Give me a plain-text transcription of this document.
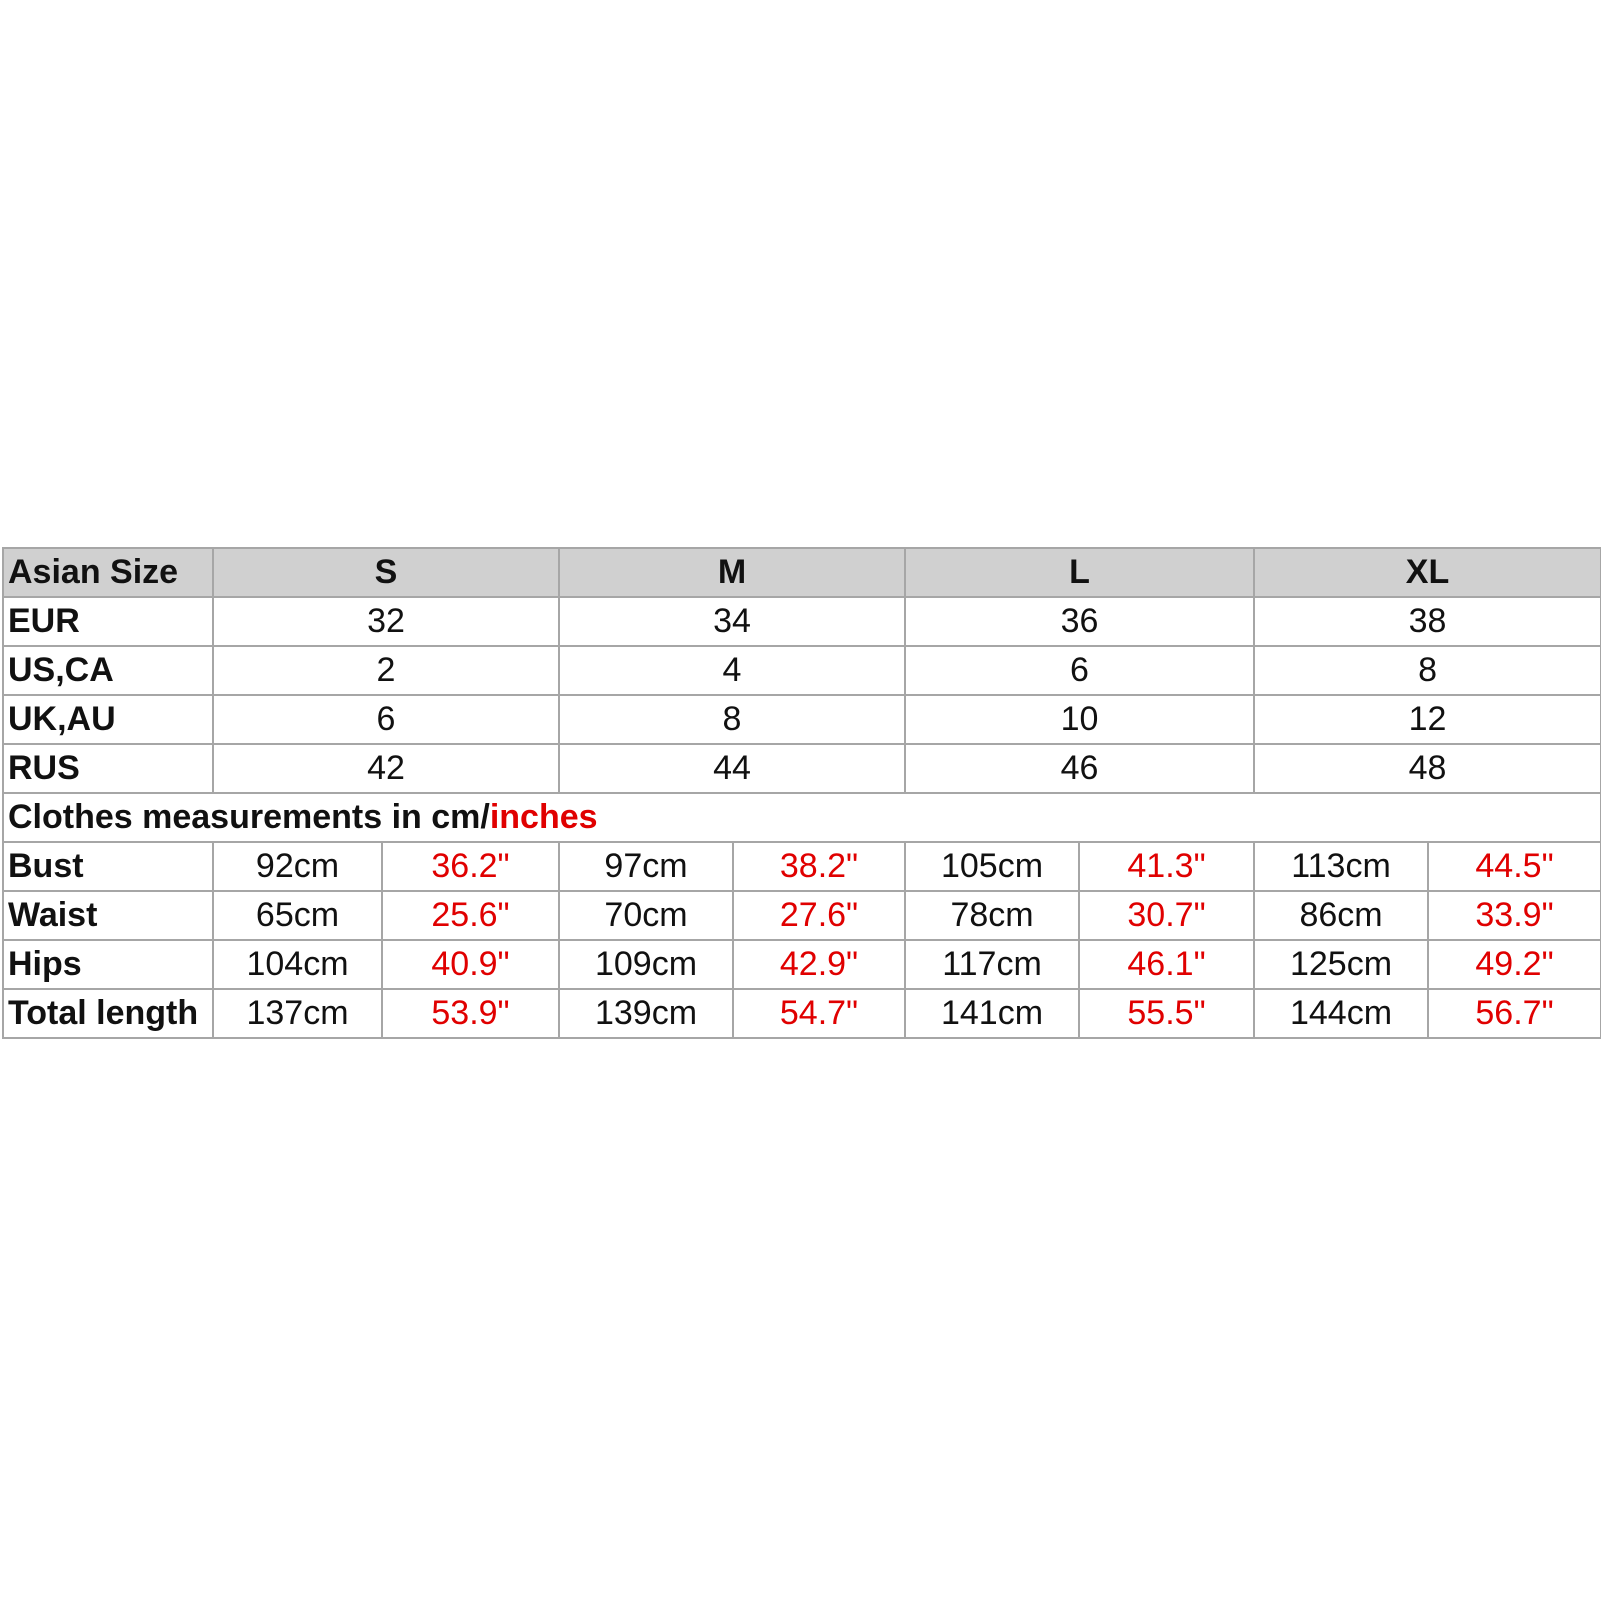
Asian Size	S		M		L		XL	
EUR	32		34		36		38	
US,CA	2		4		6		8	
UK,AU	6		8		10		12	
RUS	42		44		46		48	
Clothes measurements in cm/inches								
Bust	92cm	36.2"	97cm	38.2"	105cm	41.3"	113cm	44.5"
Waist	65cm	25.6"	70cm	27.6"	78cm	30.7"	86cm	33.9"
Hips	104cm	40.9"	109cm	42.9"	117cm	46.1"	125cm	49.2"
Total length	137cm	53.9"	139cm	54.7"	141cm	55.5"	144cm	56.7"
